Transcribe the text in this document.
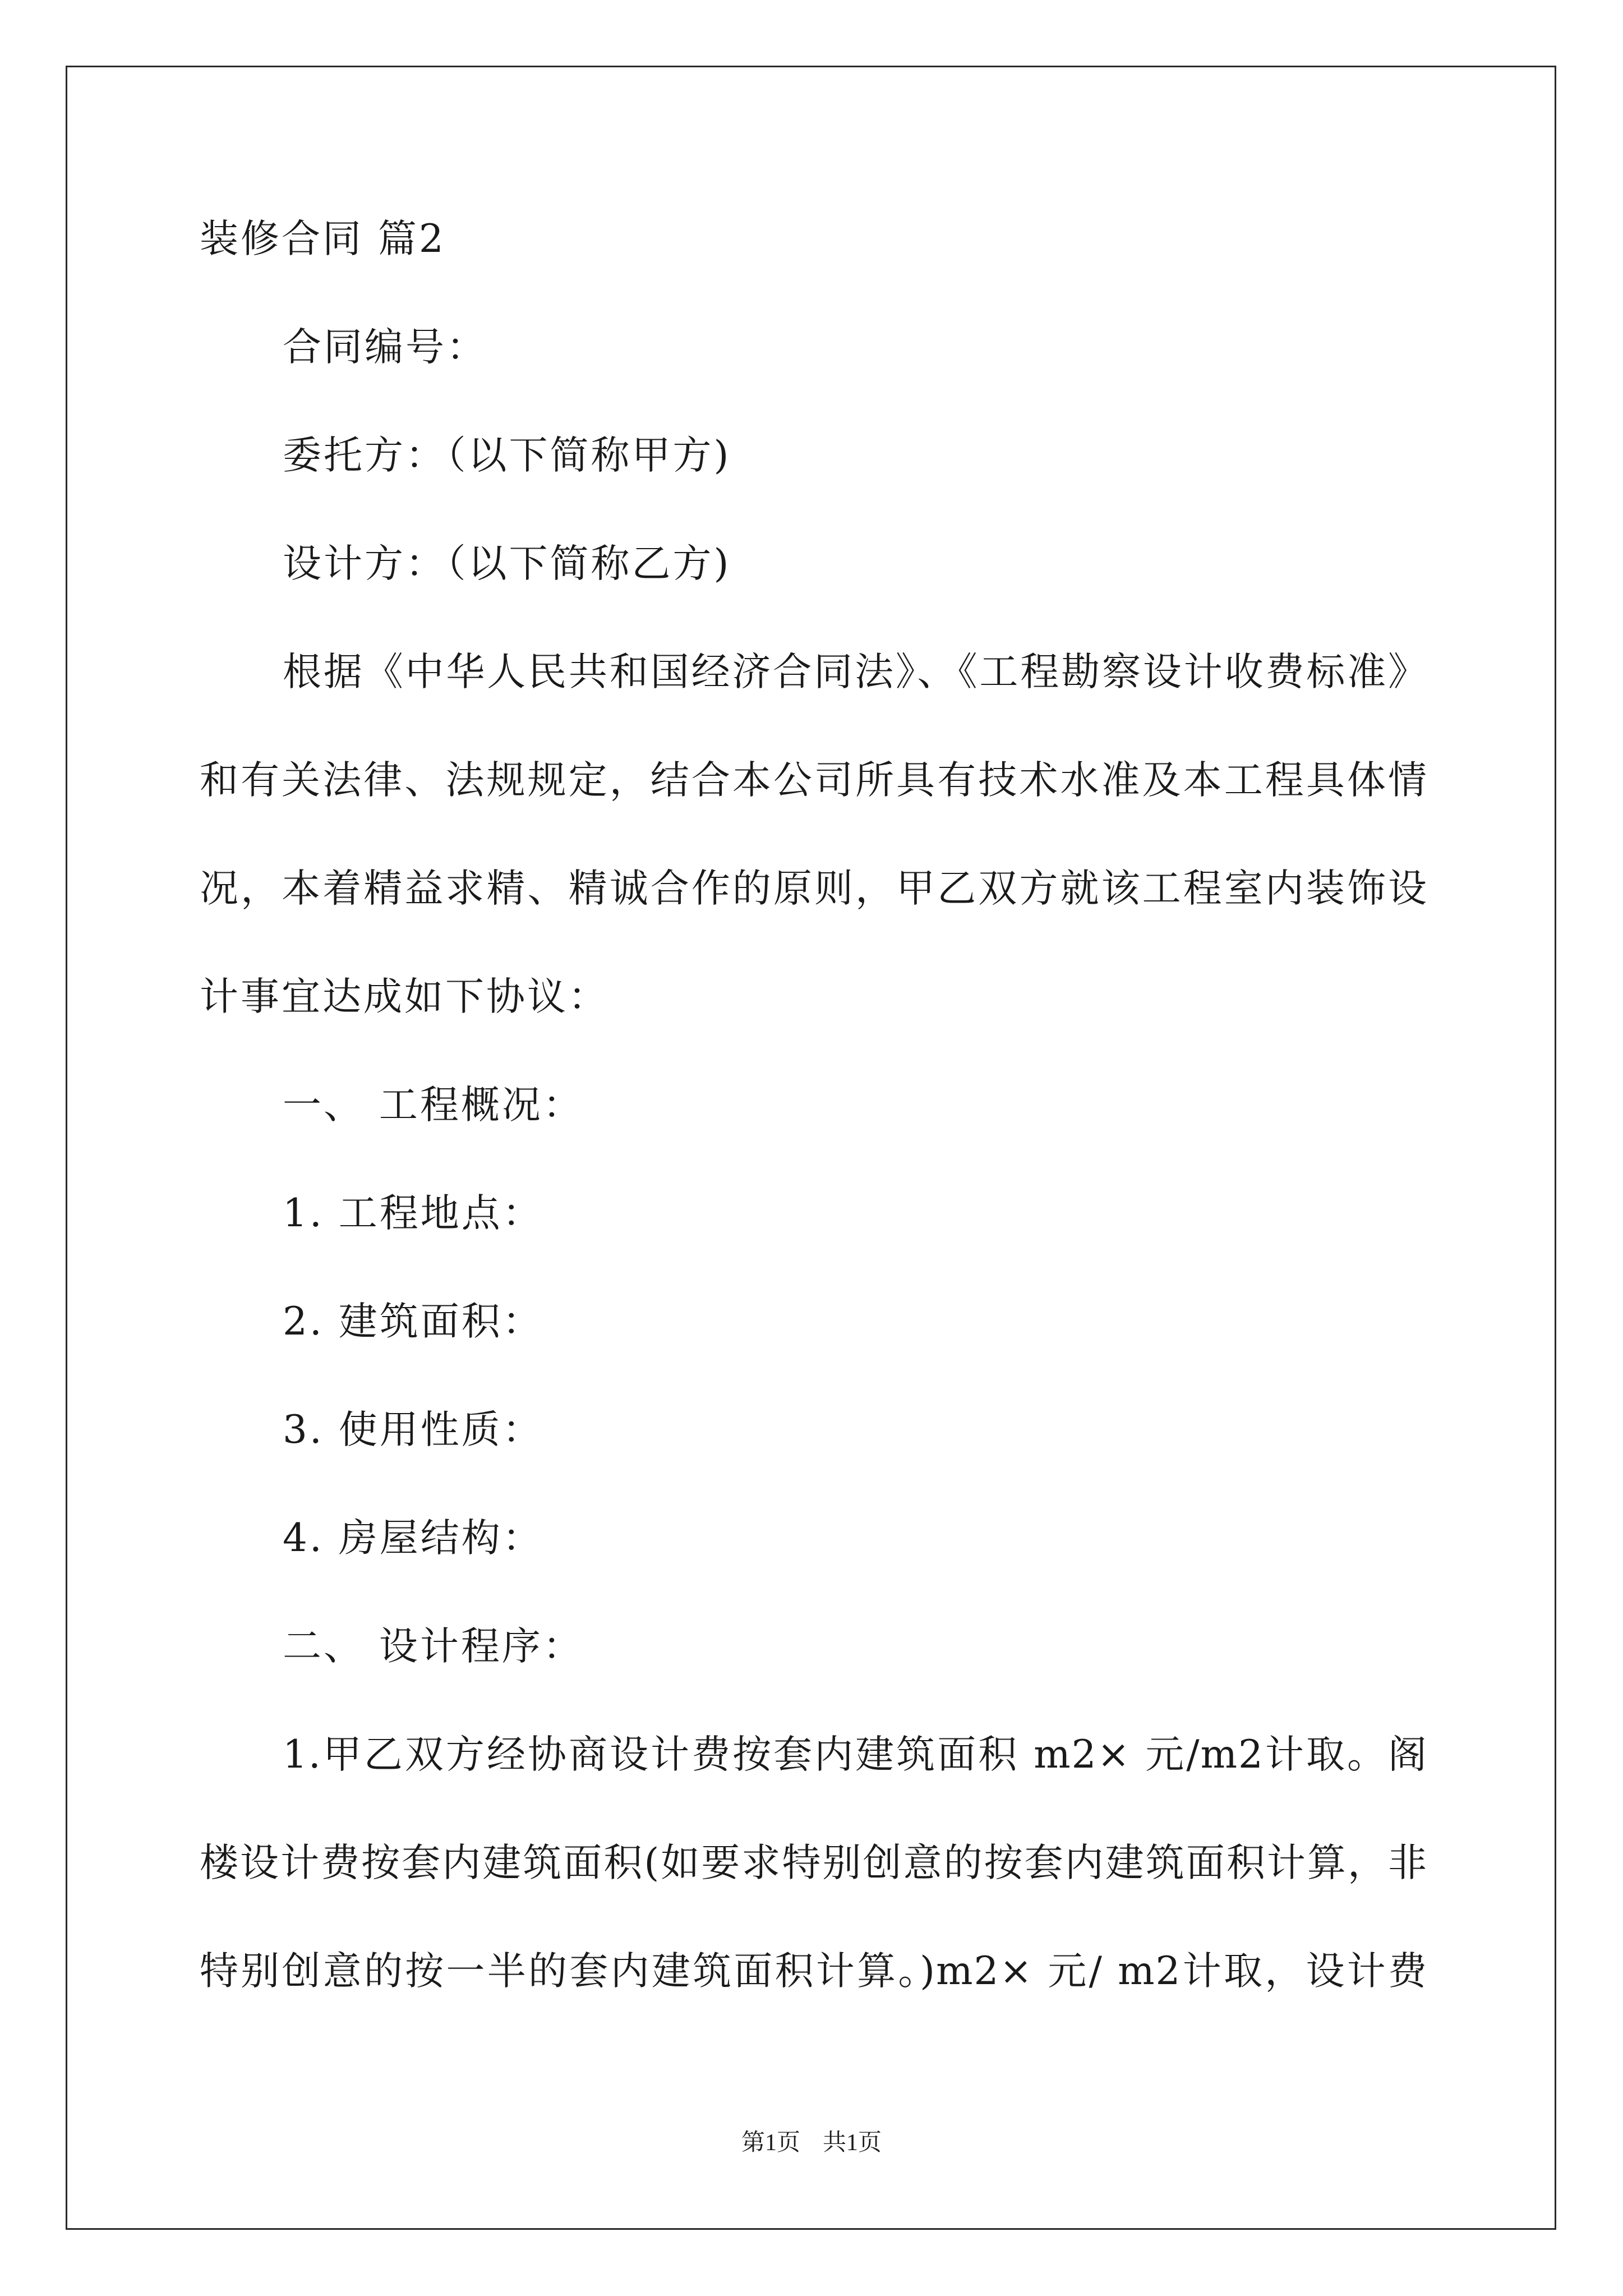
装修合同 篇2

合同编号：

委托方：（以下简称甲方)

设计方：（以下简称乙方)

根据《中华人民共和国经济合同法》、《工程勘察设计收费标准》

和有关法律、法规规定，结合本公司所具有技术水准及本工程具体情

况，本着精益求精、精诚合作的原则，甲乙双方就该工程室内装饰设

计事宜达成如下协议：

一、 工程概况：

1. 工程地点：

2. 建筑面积：

3. 使用性质：

4. 房屋结构：

二、 设计程序：

1.甲乙双方经协商设计费按套内建筑面积 m2× 元/m2计取。阁

楼设计费按套内建筑面积(如要求特别创意的按套内建筑面积计算，非

特别创意的按一半的套内建筑面积计算。)m2× 元/ m2计取，设计费

第1页 共1页
